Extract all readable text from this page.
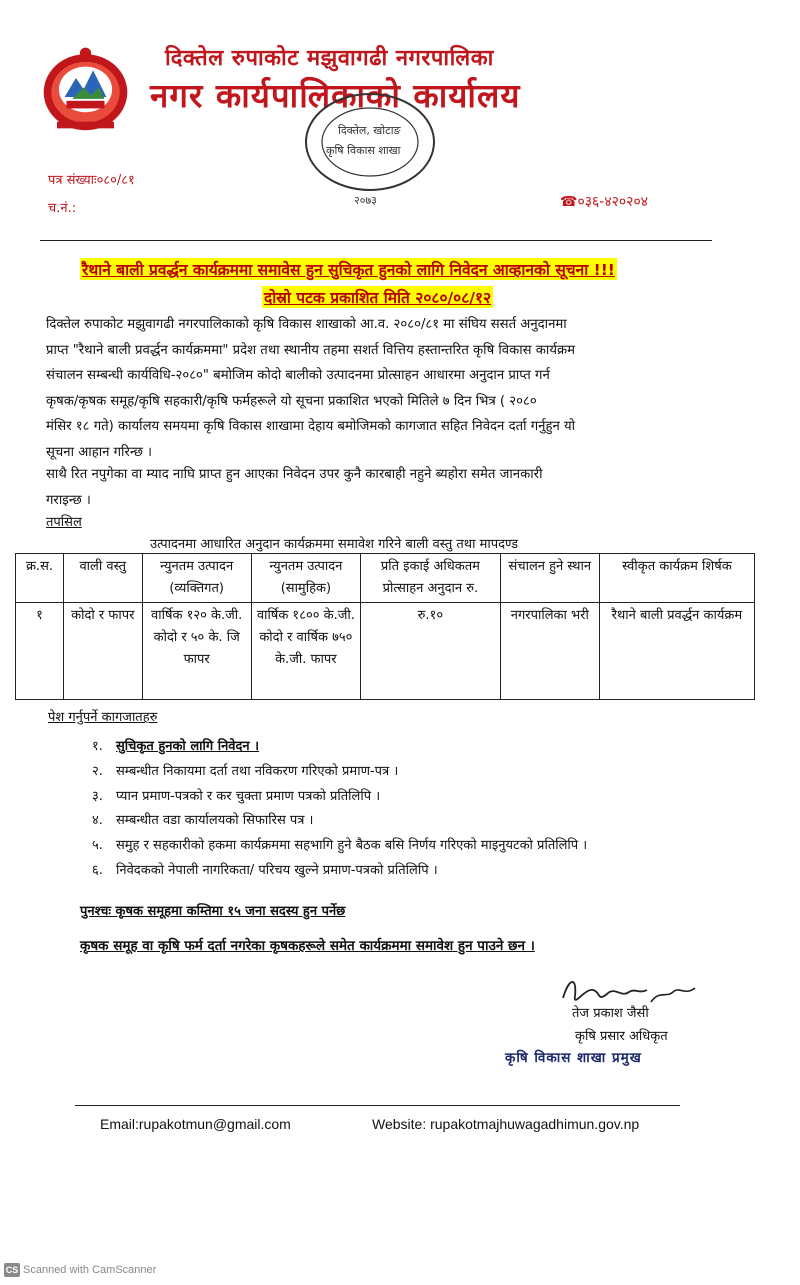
दिक्तेल रुपाकोट मझुवागढी नगरपालिका
नगर कार्यपालिकाको कार्यालय
दिक्तेल, खोटाङ
कृषि विकास शाखा
२०७३
पत्र संख्याः०८०/८१
च.नं.:	☎०३६-४२०२०४
रैथाने बाली प्रवर्द्धन कार्यक्रममा समावेस हुन सुचिकृत हुनको लागि निवेदन आव्हानको सूचना !!!
दोस्रो पटक प्रकाशित मिति २०८०/०८/१२
दिक्तेल रुपाकोट मझुवागढी नगरपालिकाको कृषि विकास शाखाको आ.व. २०८०/८१ मा संघिय ससर्त अनुदानमा
प्राप्त "रैथाने बाली प्रवर्द्धन कार्यक्रममा" प्रदेश तथा स्थानीय तहमा सशर्त वित्तिय हस्तान्तरित कृषि विकास कार्यक्रम
संचालन सम्बन्धी कार्यविधि-२०८०" बमोजिम कोदो बालीको उत्पादनमा प्रोत्साहन आधारमा अनुदान प्राप्त गर्न
कृषक/कृषक समूह/कृषि सहकारी/कृषि फर्महरूले यो सूचना प्रकाशित भएको मितिले ७ दिन भित्र ( २०८०
मंसिर १८ गते) कार्यालय समयमा कृषि विकास शाखामा देहाय बमोजिमको कागजात सहित निवेदन दर्ता गर्नुहुन यो
सूचना आहान गरिन्छ ।
साथै रित नपुगेका वा म्याद नाघि प्राप्त हुन आएका निवेदन उपर कुनै कारबाही नहुने ब्यहोरा समेत जानकारी
गराइन्छ ।
तपसिल
उत्पादनमा आधारित अनुदान कार्यक्रममा समावेश गरिने बाली वस्तु तथा मापदण्ड
क्र.स.	वाली वस्तु	न्युनतम उत्पादन (व्यक्तिगत)	न्युनतम उत्पादन (सामुहिक)	प्रति इकाई अधिकतम प्रोत्साहन अनुदान रु.	संचालन हुने स्थान	स्वीकृत कार्यक्रम शिर्षक
१	कोदो र फापर	वार्षिक १२० के.जी. कोदो र ५० के. जि फापर	वार्षिक १८०० के.जी. कोदो र वार्षिक ७५० के.जी. फापर	रु.१०	नगरपालिका भरी	रैथाने बाली प्रवर्द्धन कार्यक्रम
पेश गर्नुपर्ने कागजातहरु
१. सुचिकृत हुनको लागि निवेदन ।
२. सम्बन्धीत निकायमा दर्ता तथा नविकरण गरिएको प्रमाण-पत्र ।
३. प्यान प्रमाण-पत्रको र कर चुक्ता प्रमाण पत्रको प्रतिलिपि ।
४. सम्बन्धीत वडा कार्यालयको सिफारिस पत्र ।
५. समुह र सहकारीको हकमा कार्यक्रममा सहभागि हुने बैठक बसि निर्णय गरिएको माइनुयटको प्रतिलिपि ।
६. निवेदकको नेपाली नागरिकता/ परिचय खुल्ने प्रमाण-पत्रको प्रतिलिपि ।
पुनश्चः कृषक समूहमा कम्तिमा १५ जना सदस्य हुन पर्नेछ
कृषक समूह वा कृषि फर्म दर्ता नगरेका कृषकहरूले समेत कार्यक्रममा समावेश हुन पाउने छन ।
तेज प्रकाश जैसी
कृषि प्रसार अधिकृत
कृषि विकास शाखा प्रमुख
Email:rupakotmun@gmail.com	Website: rupakotmajhuwagadhimun.gov.np
CS Scanned with CamScanner
